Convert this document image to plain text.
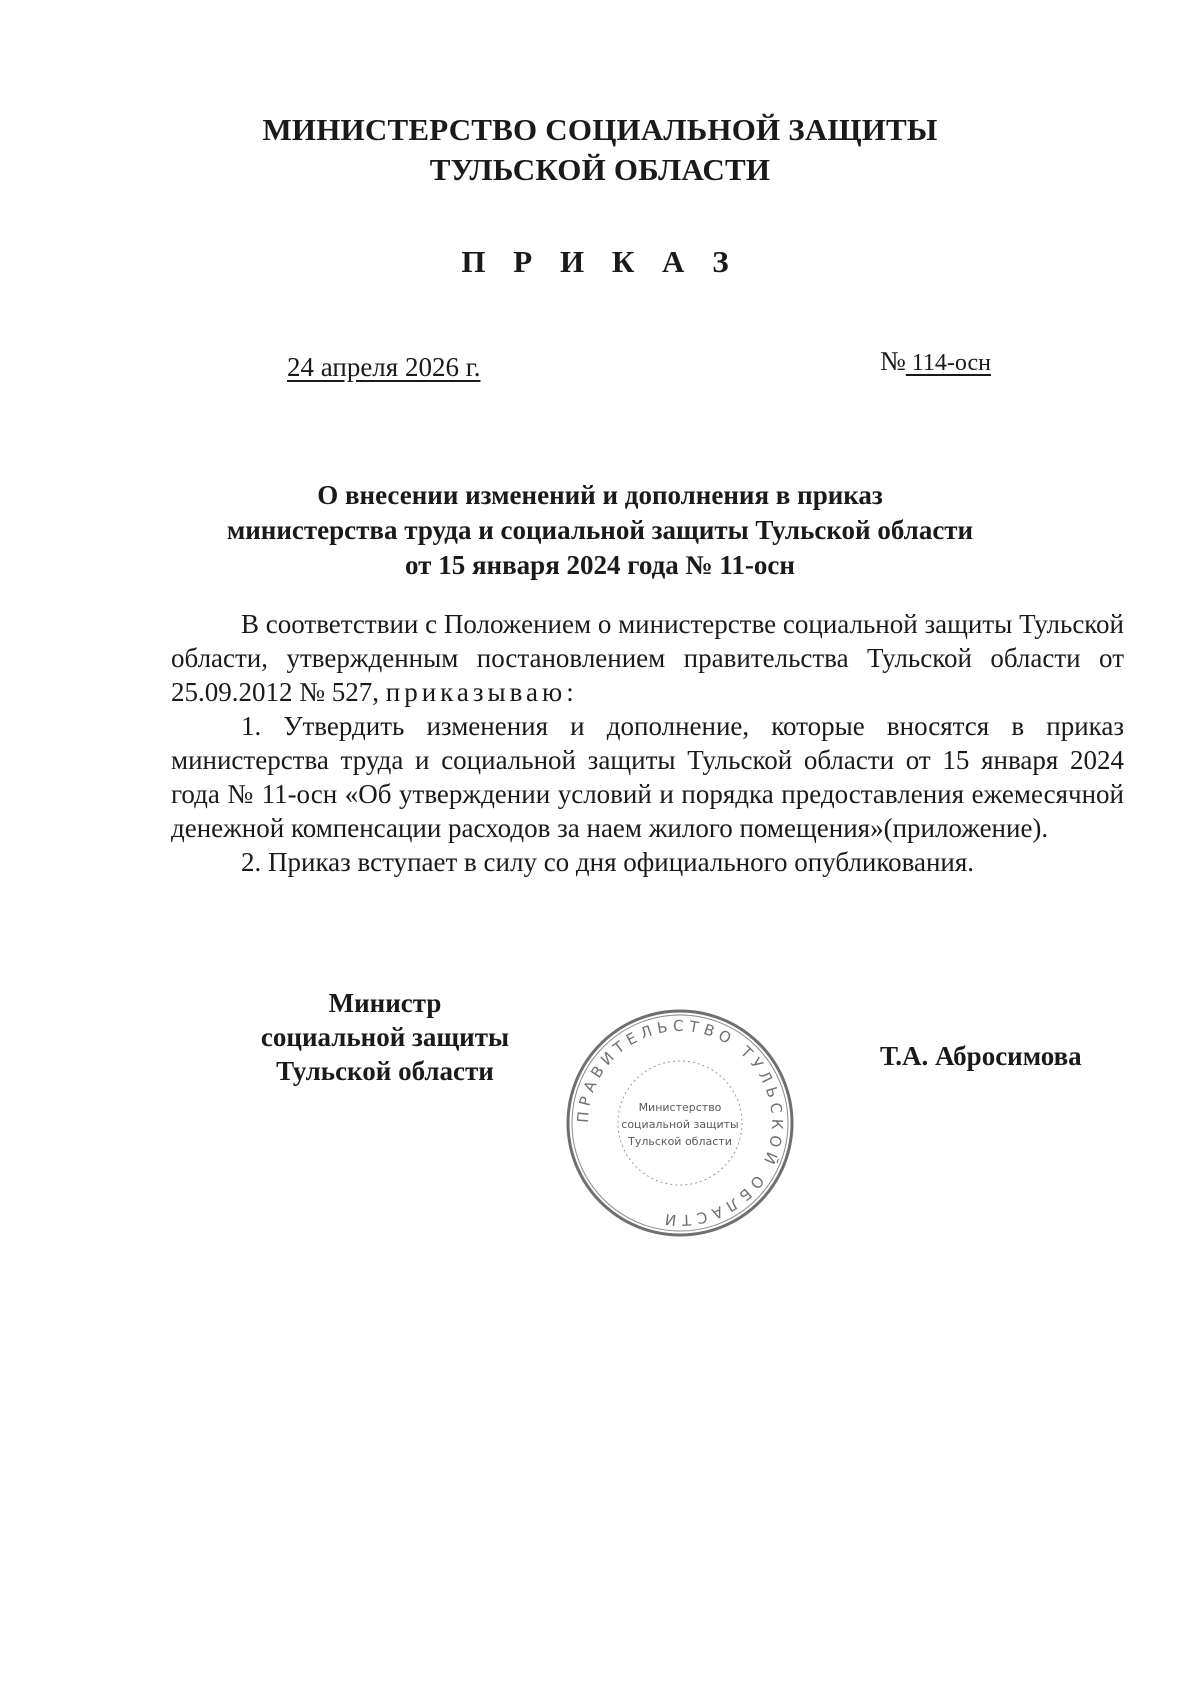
МИНИСТЕРСТВО СОЦИАЛЬНОЙ ЗАЩИТЫ
ТУЛЬСКОЙ ОБЛАСТИ
П Р И К А З
24 апреля 2026 г.	№ 114-осн
О внесении изменений и дополнения в приказ
министерства труда и социальной защиты Тульской области
от 15 января 2024 года № 11-осн

В соответствии с Положением о министерстве социальной защиты Тульской области, утвержденным постановлением правительства Тульской области от 25.09.2012 № 527, приказываю:

1. Утвердить изменения и дополнение, которые вносятся в приказ министерства труда и социальной защиты Тульской области от 15 января 2024 года № 11-осн «Об утверждении условий и порядка предоставления ежемесячной денежной компенсации расходов за наем жилого помещения»(приложение).

2. Приказ вступает в силу со дня официального опубликования.

Министр
социальной защиты
Тульской области
ПРАВИТЕЛЬСТВО ТУЛЬСКОЙ ОБЛАСТИ
Министерство
социальной защиты
Тульской области
Т.А. Абросимова
